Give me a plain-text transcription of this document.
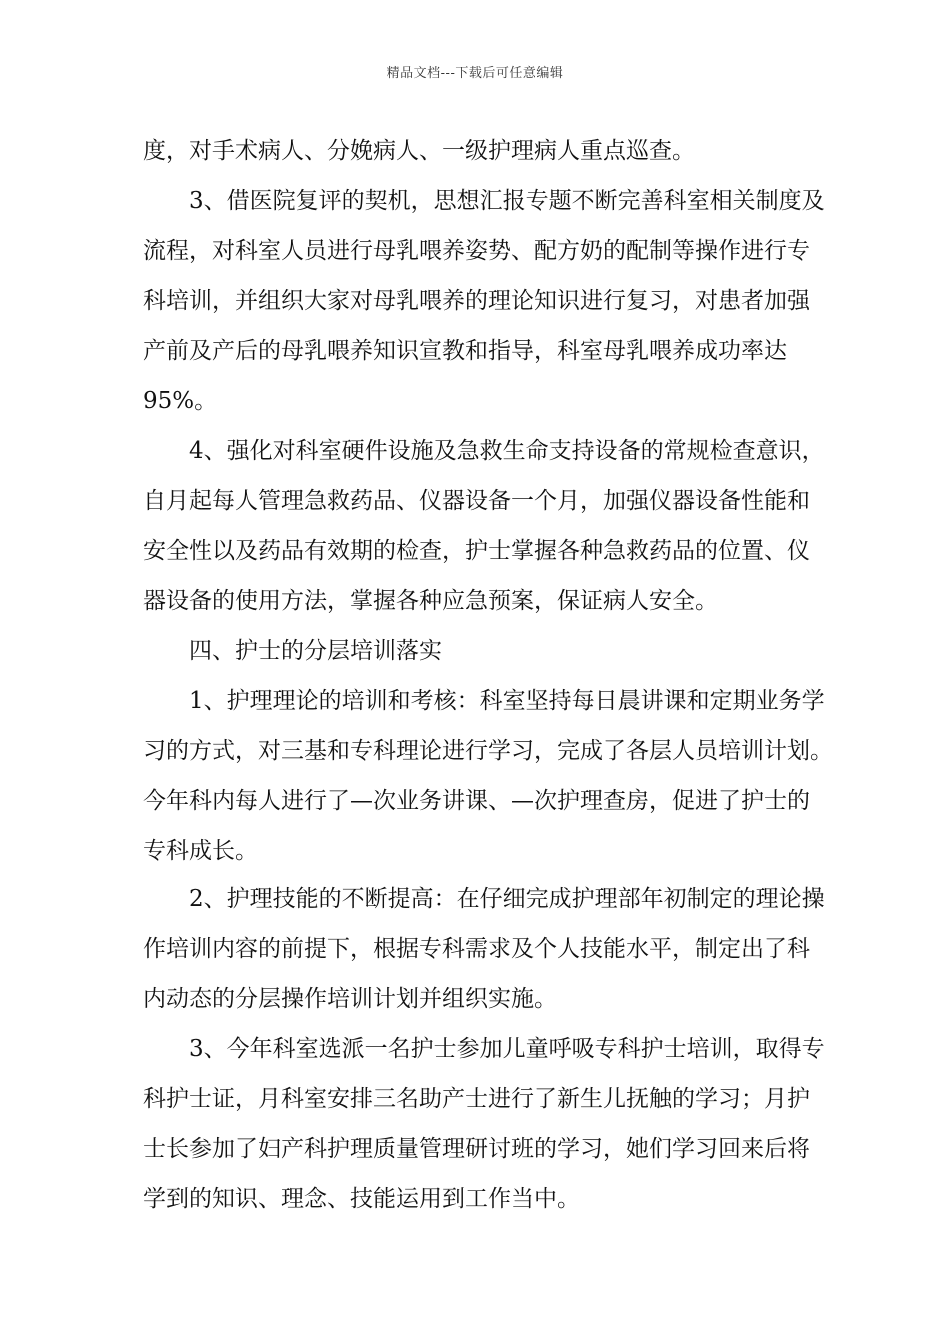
精品文档---下载后可任意编辑
度，对手术病人、分娩病人、一级护理病人重点巡查。
3、借医院复评的契机，思想汇报专题不断完善科室相关制度及
流程，对科室人员进行母乳喂养姿势、配方奶的配制等操作进行专
科培训，并组织大家对母乳喂养的理论知识进行复习，对患者加强
产前及产后的母乳喂养知识宣教和指导，科室母乳喂养成功率达
95%。
4、强化对科室硬件设施及急救生命支持设备的常规检查意识，
自月起每人管理急救药品、仪器设备一个月，加强仪器设备性能和
安全性以及药品有效期的检查，护士掌握各种急救药品的位置、仪
器设备的使用方法，掌握各种应急预案，保证病人安全。
四、护士的分层培训落实
1、护理理论的培训和考核：科室坚持每日晨讲课和定期业务学
习的方式，对三基和专科理论进行学习，完成了各层人员培训计划。
今年科内每人进行了—次业务讲课、—次护理查房，促进了护士的
专科成长。
2、护理技能的不断提高：在仔细完成护理部年初制定的理论操
作培训内容的前提下，根据专科需求及个人技能水平，制定出了科
内动态的分层操作培训计划并组织实施。
3、今年科室选派一名护士参加儿童呼吸专科护士培训，取得专
科护士证，月科室安排三名助产士进行了新生儿抚触的学习；月护
士长参加了妇产科护理质量管理研讨班的学习，她们学习回来后将
学到的知识、理念、技能运用到工作当中。
